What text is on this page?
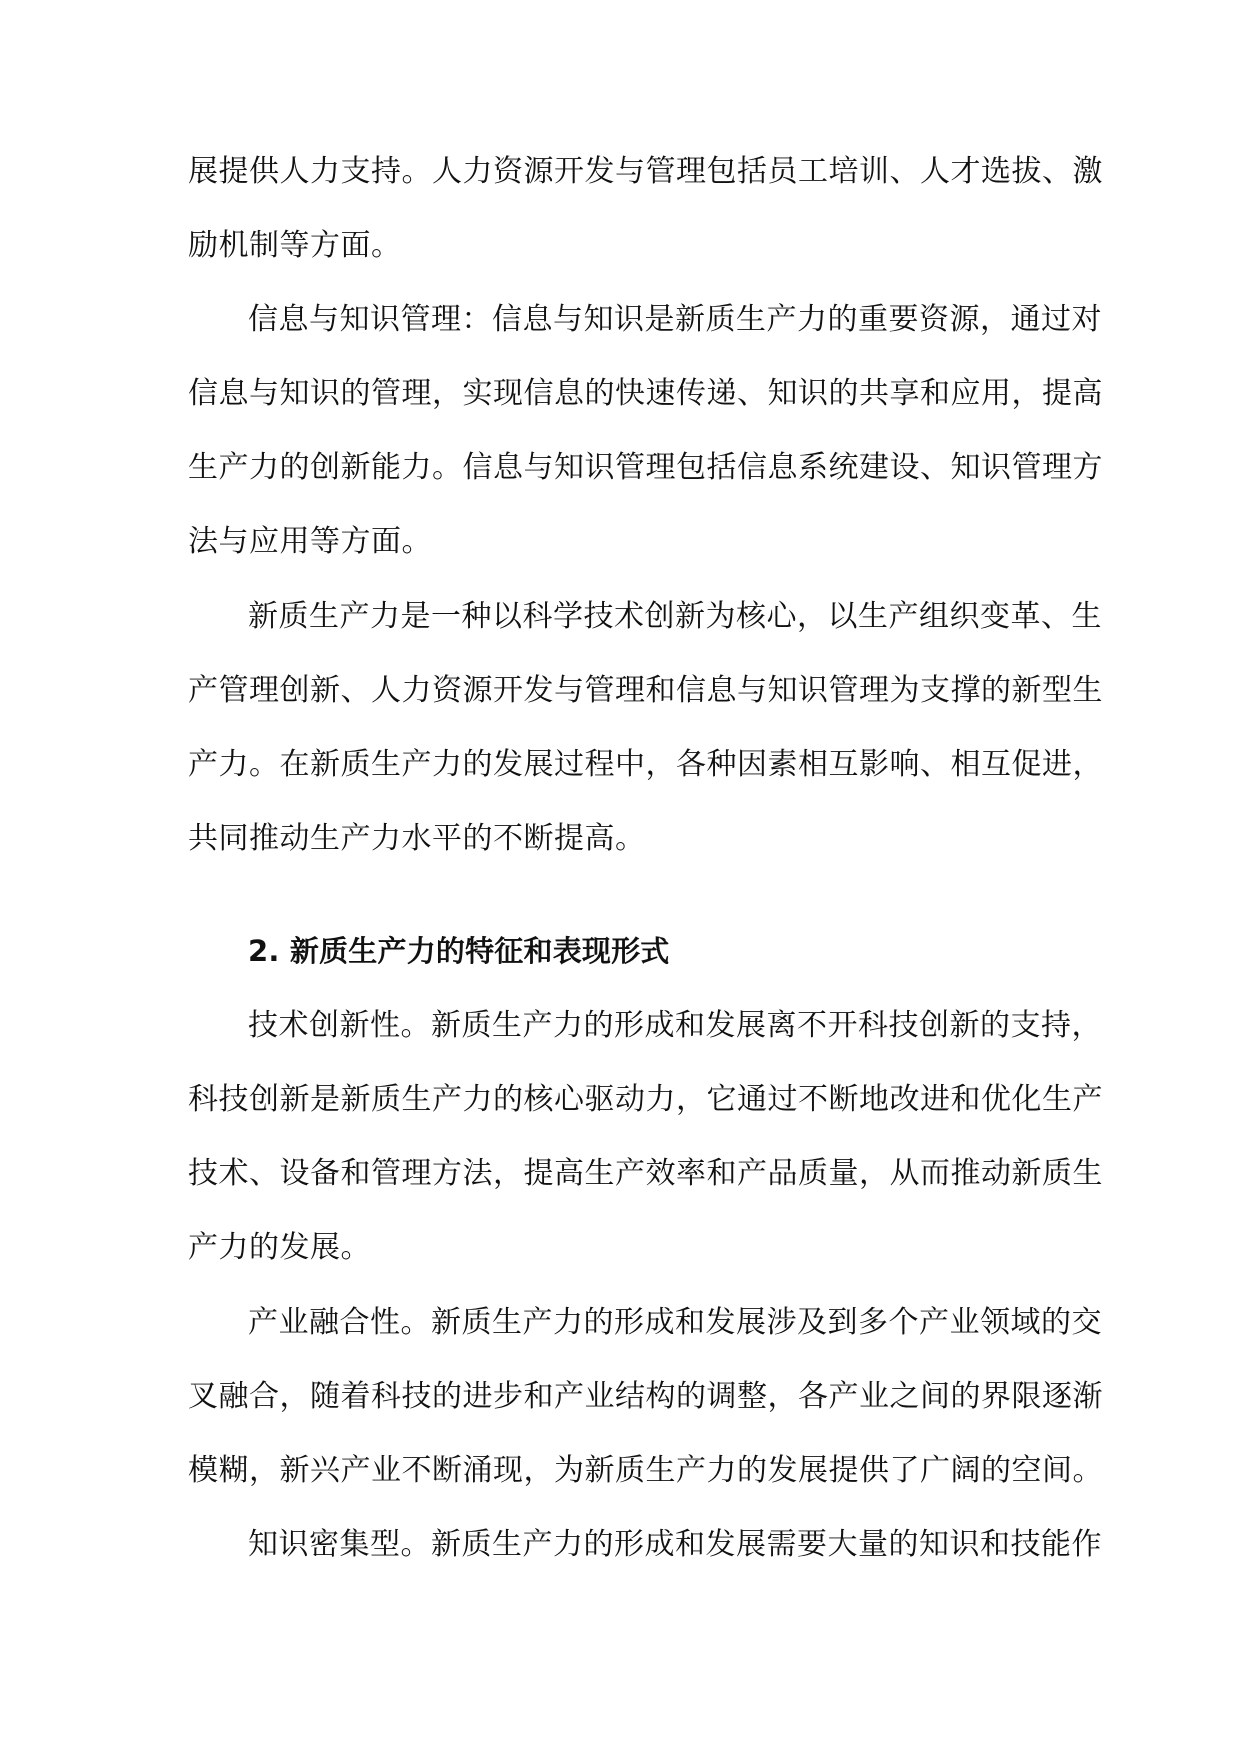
展提供人力支持。人力资源开发与管理包括员工培训、人才选拔、激
励机制等方面。
信息与知识管理：信息与知识是新质生产力的重要资源，通过对
信息与知识的管理，实现信息的快速传递、知识的共享和应用，提高
生产力的创新能力。信息与知识管理包括信息系统建设、知识管理方
法与应用等方面。
新质生产力是一种以科学技术创新为核心，以生产组织变革、生
产管理创新、人力资源开发与管理和信息与知识管理为支撑的新型生
产力。在新质生产力的发展过程中，各种因素相互影响、相互促进，
共同推动生产力水平的不断提高。
2. 新质生产力的特征和表现形式
技术创新性。新质生产力的形成和发展离不开科技创新的支持，
科技创新是新质生产力的核心驱动力，它通过不断地改进和优化生产
技术、设备和管理方法，提高生产效率和产品质量，从而推动新质生
产力的发展。
产业融合性。新质生产力的形成和发展涉及到多个产业领域的交
叉融合，随着科技的进步和产业结构的调整，各产业之间的界限逐渐
模糊，新兴产业不断涌现，为新质生产力的发展提供了广阔的空间。
知识密集型。新质生产力的形成和发展需要大量的知识和技能作
